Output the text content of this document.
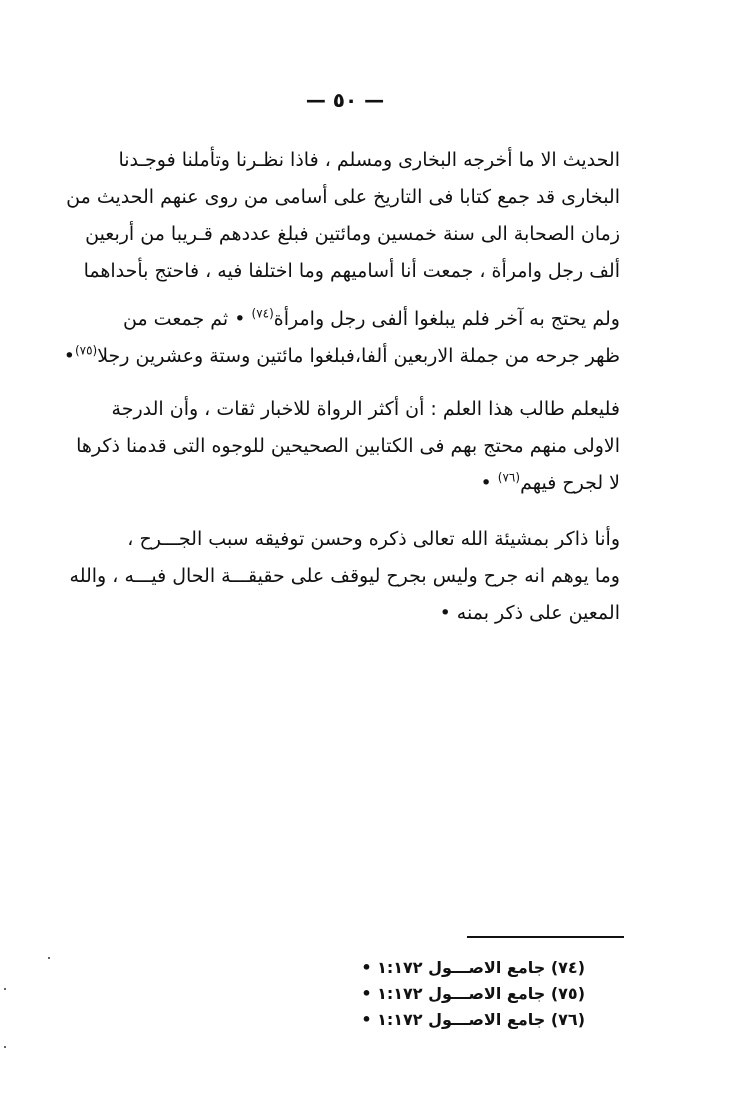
— ٥٠ —
الحديث الا ما أخرجه البخارى ومسلم ، فاذا نظـرنا وتأملنا فوجـدنا
البخارى قد جمع كتابا فى التاريخ على أسامى من روى عنهم الحديث من
زمان الصحابة الى سنة خمسين ومائتين فبلغ عددهم قـريبا من أربعين
ألف رجل وامرأة ، جمعت أنا أساميهم وما اختلفا فيه ، فاحتج بأحداهما
ولم يحتج به آخر فلم يبلغوا ألفى رجل وامرأة$^{(٧٤)}$ • ثم جمعت من
ظهر جرحه من جملة الاربعين ألفا،فبلغوا مائتين وستة وعشرين رجلا$^{(٧٥)}$•
فليعلم طالب هذا العلم : أن أكثر الرواة للاخبار ثقات ، وأن الدرجة
الاولى منهم محتج بهم فى الكتابين الصحيحين للوجوه التى قدمنا ذكرها
لا لجرح فيهم$^{(٧٦)}$ •
وأنا ذاكر بمشيئة الله تعالى ذكره وحسن توفيقه سبب الجـــرح ،
وما يوهم انه جرح وليس بجرح ليوقف على حقيقـــة الحال فيـــه ، والله
المعين على ذكر بمنه •
(٧٤) جامع الاصـــول ١:١٧٢ •
(٧٥) جامع الاصـــول ١:١٧٢ •
(٧٦) جامع الاصـــول ١:١٧٢ •
